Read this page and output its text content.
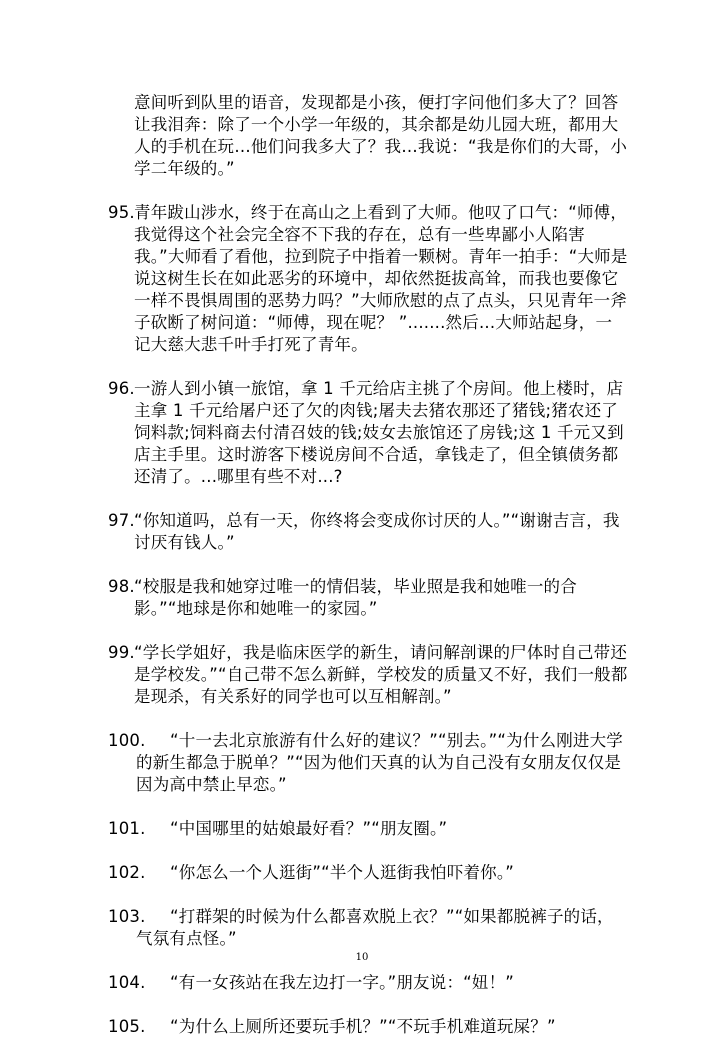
意间听到队里的语音，发现都是小孩，便打字问他们多大了？回答让我泪奔：除了一个小学一年级的，其余都是幼儿园大班，都用大人的手机在玩…他们问我多大了？我…我说：“我是你们的大哥，小学二年级的。”

95.青年跋山涉水，终于在高山之上看到了大师。他叹了口气：“师傅，我觉得这个社会完全容不下我的存在，总有一些卑鄙小人陷害我。”大师看了看他，拉到院子中指着一颗树。青年一拍手：“大师是说这树生长在如此恶劣的环境中，却依然挺拔高耸，而我也要像它一样不畏惧周围的恶势力吗？”大师欣慰的点了点头，只见青年一斧子砍断了树问道：“师傅，现在呢？ ”.......然后...大师站起身，一记大慈大悲千叶手打死了青年。

96.一游人到小镇一旅馆，拿 1 千元给店主挑了个房间。他上楼时，店主拿 1 千元给屠户还了欠的肉钱;屠夫去猪农那还了猪钱;猪农还了饲料款;饲料商去付清召妓的钱;妓女去旅馆还了房钱;这 1 千元又到店主手里。这时游客下楼说房间不合适，拿钱走了，但全镇债务都还清了。...哪里有些不对...?

97.“你知道吗，总有一天，你终将会变成你讨厌的人。”“谢谢吉言，我讨厌有钱人。”

98.“校服是我和她穿过唯一的情侣装，毕业照是我和她唯一的合影。”“地球是你和她唯一的家园。”

99.“学长学姐好，我是临床医学的新生，请问解剖课的尸体时自己带还是学校发。”“自己带不怎么新鲜，学校发的质量又不好，我们一般都是现杀，有关系好的同学也可以互相解剖。”

100. “十一去北京旅游有什么好的建议？”“别去。”“为什么刚进大学的新生都急于脱单？”“因为他们天真的认为自己没有女朋友仅仅是因为高中禁止早恋。”

101. “中国哪里的姑娘最好看？”“朋友圈。”

102. “你怎么一个人逛街”“半个人逛街我怕吓着你。”

103. “打群架的时候为什么都喜欢脱上衣？”“如果都脱裤子的话，气氛有点怪。”

104. “有一女孩站在我左边打一字。”朋友说：“妞！”

105. “为什么上厕所还要玩手机？”“不玩手机难道玩屎？”

10
